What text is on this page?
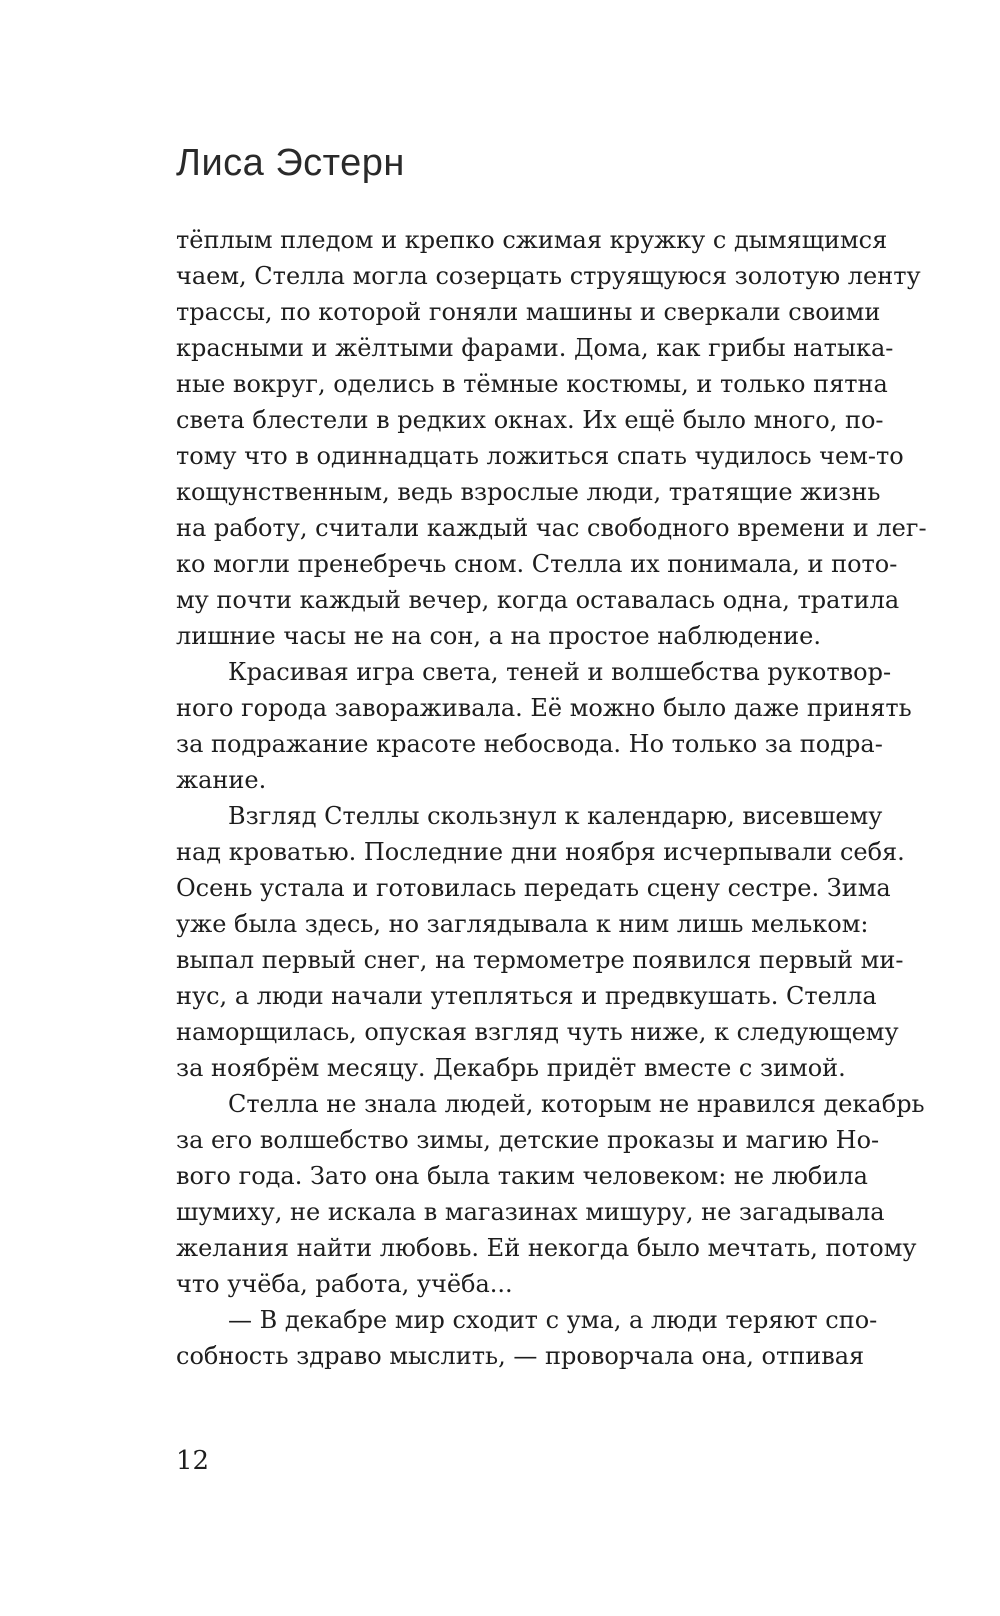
Лиса Эстерн
тёплым пледом и крепко сжимая кружку с дымящимся
чаем, Стелла могла созерцать струящуюся золотую ленту
трассы, по которой гоняли машины и сверкали своими
красными и жёлтыми фарами. Дома, как грибы натыка-
ные вокруг, оделись в тёмные костюмы, и только пятна
света блестели в редких окнах. Их ещё было много, по-
тому что в одиннадцать ложиться спать чудилось чем-то
кощунственным, ведь взрослые люди, тратящие жизнь
на работу, считали каждый час свободного времени и лег-
ко могли пренебречь сном. Стелла их понимала, и пото-
му почти каждый вечер, когда оставалась одна, тратила
лишние часы не на сон, а на простое наблюдение.
Красивая игра света, теней и волшебства рукотвор-
ного города завораживала. Её можно было даже принять
за подражание красоте небосвода. Но только за подра-
жание.
Взгляд Стеллы скользнул к календарю, висевшему
над кроватью. Последние дни ноября исчерпывали себя.
Осень устала и готовилась передать сцену сестре. Зима
уже была здесь, но заглядывала к ним лишь мельком:
выпал первый снег, на термометре появился первый ми-
нус, а люди начали утепляться и предвкушать. Стелла
наморщилась, опуская взгляд чуть ниже, к следующему
за ноябрём месяцу. Декабрь придёт вместе с зимой.
Стелла не знала людей, которым не нравился декабрь
за его волшебство зимы, детские проказы и магию Но-
вого года. Зато она была таким человеком: не любила
шумиху, не искала в магазинах мишуру, не загадывала
желания найти любовь. Ей некогда было мечтать, потому
что учёба, работа, учёба...
— В декабре мир сходит с ума, а люди теряют спо-
собность здраво мыслить, — проворчала она, отпивая
12
